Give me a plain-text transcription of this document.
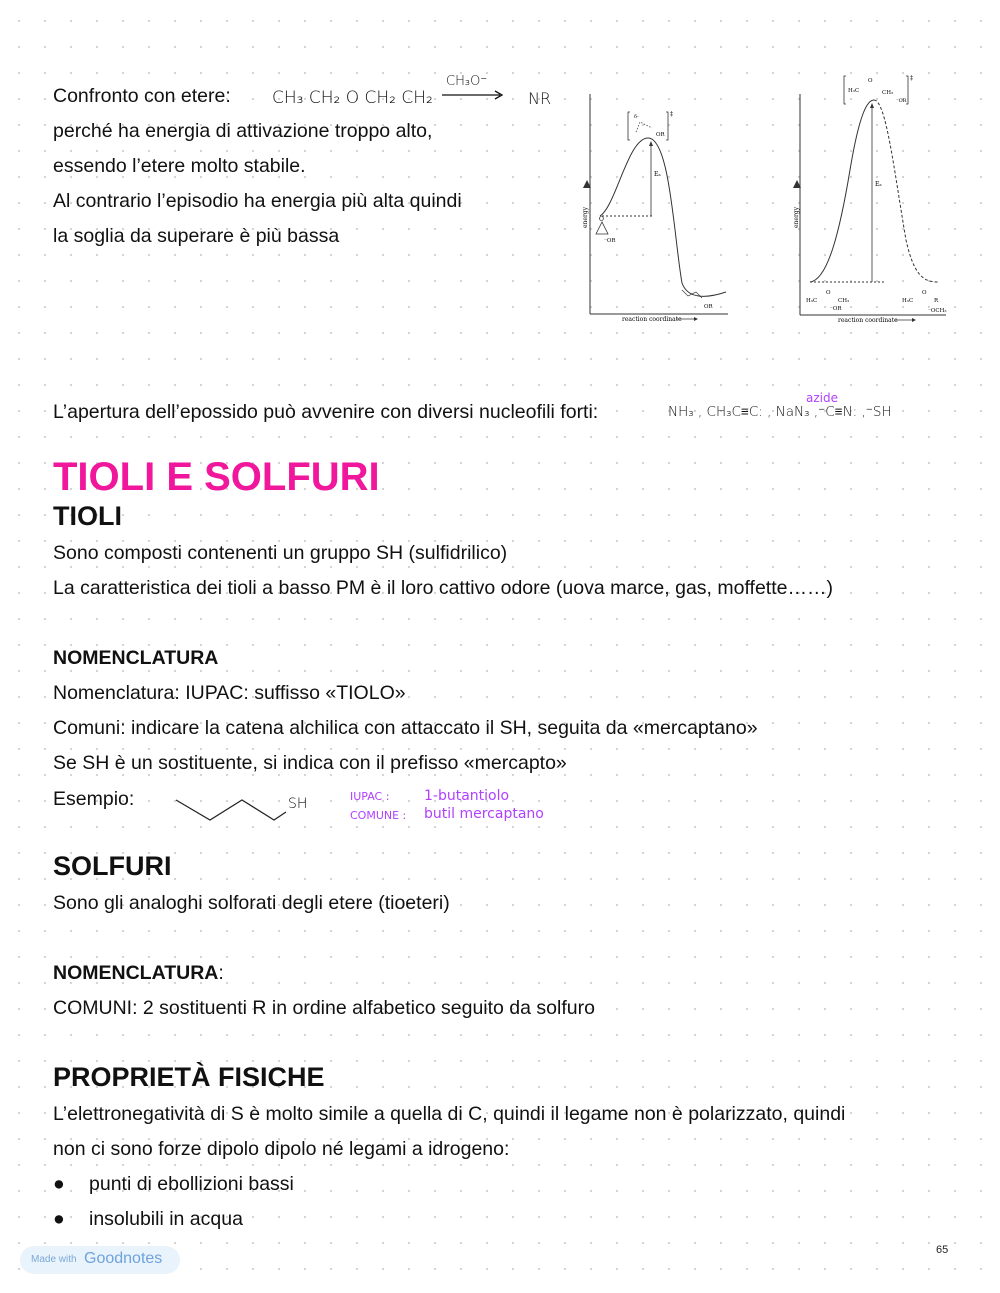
Confronto con etere: CH₃ CH₂ O CH₂ CH₂
CH₃O⁻
NR
perché ha energia di attivazione troppo alto,
essendo l’etere molto stabile.
Al contrario l’episodio ha energia più alta quindi
la soglia da superare è più bassa
energy
reaction coordinate
Eₐ
‡
δ-
OR
O
⁻OR
OR
energy
reaction coordinate
Eₐ
‡
H₃C
O
CH₃
⁻OR
H₃C
O
CH₃
⁻OR
H₃C
O
R
⁻OCH₃
L’apertura dell’epossido può avvenire con diversi nucleofili forti:	NH₃ , CH₃C≡C: , NaN₃ ,⁻C≡N: ,⁻SH
azide
TIOLI E SOLFURI
TIOLI
Sono composti contenenti un gruppo SH (sulfidrilico)
La caratteristica dei tioli a basso PM è il loro cattivo odore (uova marce, gas, moffette……)
NOMENCLATURA
Nomenclatura: IUPAC: suffisso «TIOLO»
Comuni: indicare la catena alchilica con attaccato il SH, seguita da «mercaptano»
Se SH è un sostituente, si indica con il prefisso «mercapto»
Esempio:	SH	IUPAC : 1-butantiolo
COMUNE : butil mercaptano
SOLFURI
Sono gli analoghi solforati degli etere (tioeteri)
NOMENCLATURA:
COMUNI: 2 sostituenti R in ordine alfabetico seguito da solfuro
PROPRIETÀ FISICHE
L’elettronegatività di S è molto simile a quella di C, quindi il legame non è polarizzato, quindi
non ci sono forze dipolo dipolo né legami a idrogeno:
● punti di ebollizioni bassi
● insolubili in acqua
Made with Goodnotes	65
